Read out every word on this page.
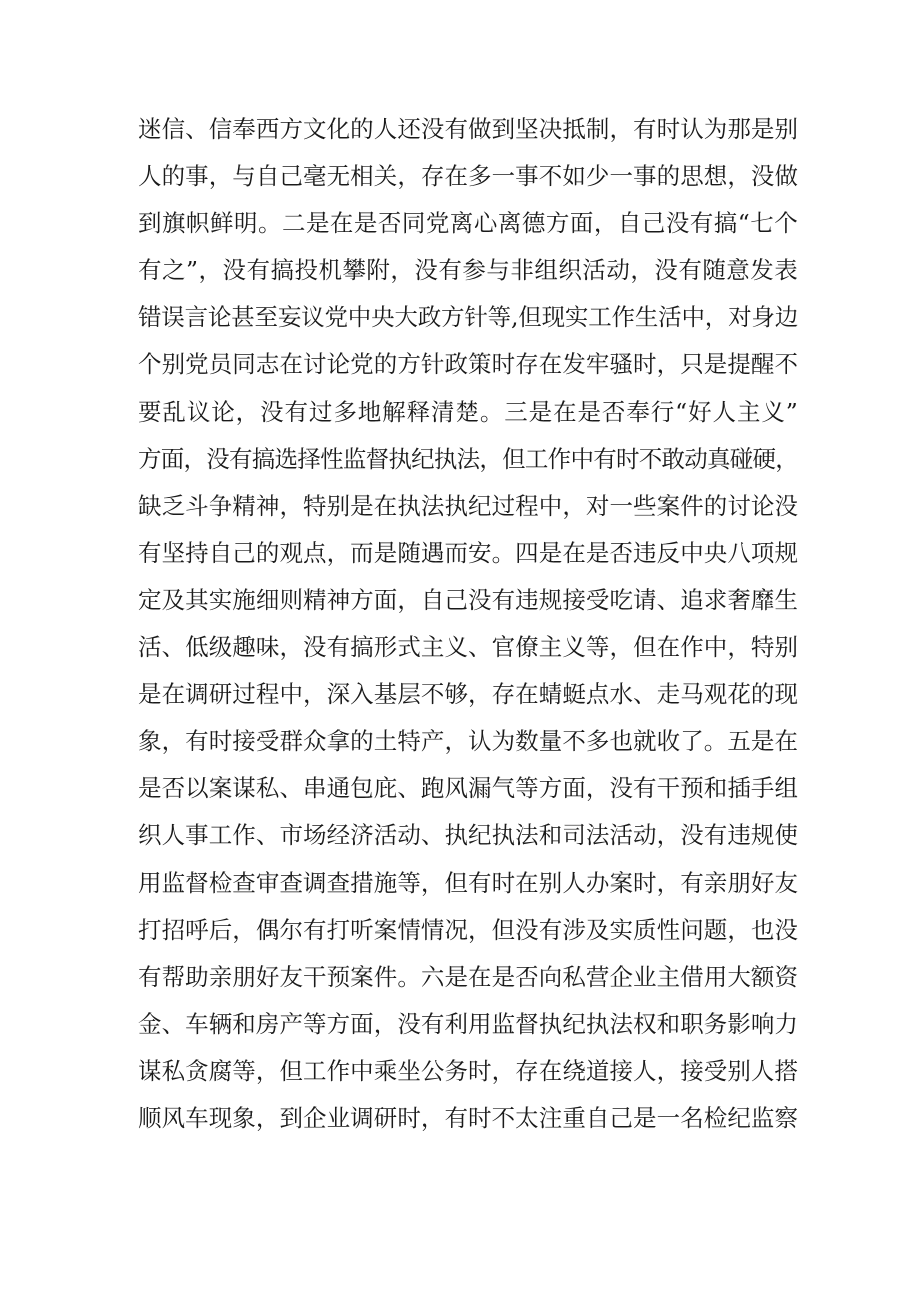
迷信、信奉西方文化的人还没有做到坚决抵制，有时认为那是别
人的事，与自己毫无相关，存在多一事不如少一事的思想，没做
到旗帜鲜明。二是在是否同党离心离德方面，自己没有搞“七个
有之”，没有搞投机攀附，没有参与非组织活动，没有随意发表
错误言论甚至妄议党中央大政方针等,但现实工作生活中，对身边
个别党员同志在讨论党的方针政策时存在发牢骚时，只是提醒不
要乱议论，没有过多地解释清楚。三是在是否奉行“好人主义”
方面，没有搞选择性监督执纪执法，但工作中有时不敢动真碰硬，
缺乏斗争精神，特别是在执法执纪过程中，对一些案件的讨论没
有坚持自己的观点，而是随遇而安。四是在是否违反中央八项规
定及其实施细则精神方面，自己没有违规接受吃请、追求奢靡生
活、低级趣味，没有搞形式主义、官僚主义等，但在作中，特别
是在调研过程中，深入基层不够，存在蜻蜓点水、走马观花的现
象，有时接受群众拿的土特产，认为数量不多也就收了。五是在
是否以案谋私、串通包庇、跑风漏气等方面，没有干预和插手组
织人事工作、市场经济活动、执纪执法和司法活动，没有违规使
用监督检查审查调查措施等，但有时在别人办案时，有亲朋好友
打招呼后，偶尔有打听案情情况，但没有涉及实质性问题，也没
有帮助亲朋好友干预案件。六是在是否向私营企业主借用大额资
金、车辆和房产等方面，没有利用监督执纪执法权和职务影响力
谋私贪腐等，但工作中乘坐公务时，存在绕道接人，接受别人搭
顺风车现象，到企业调研时，有时不太注重自己是一名检纪监察
